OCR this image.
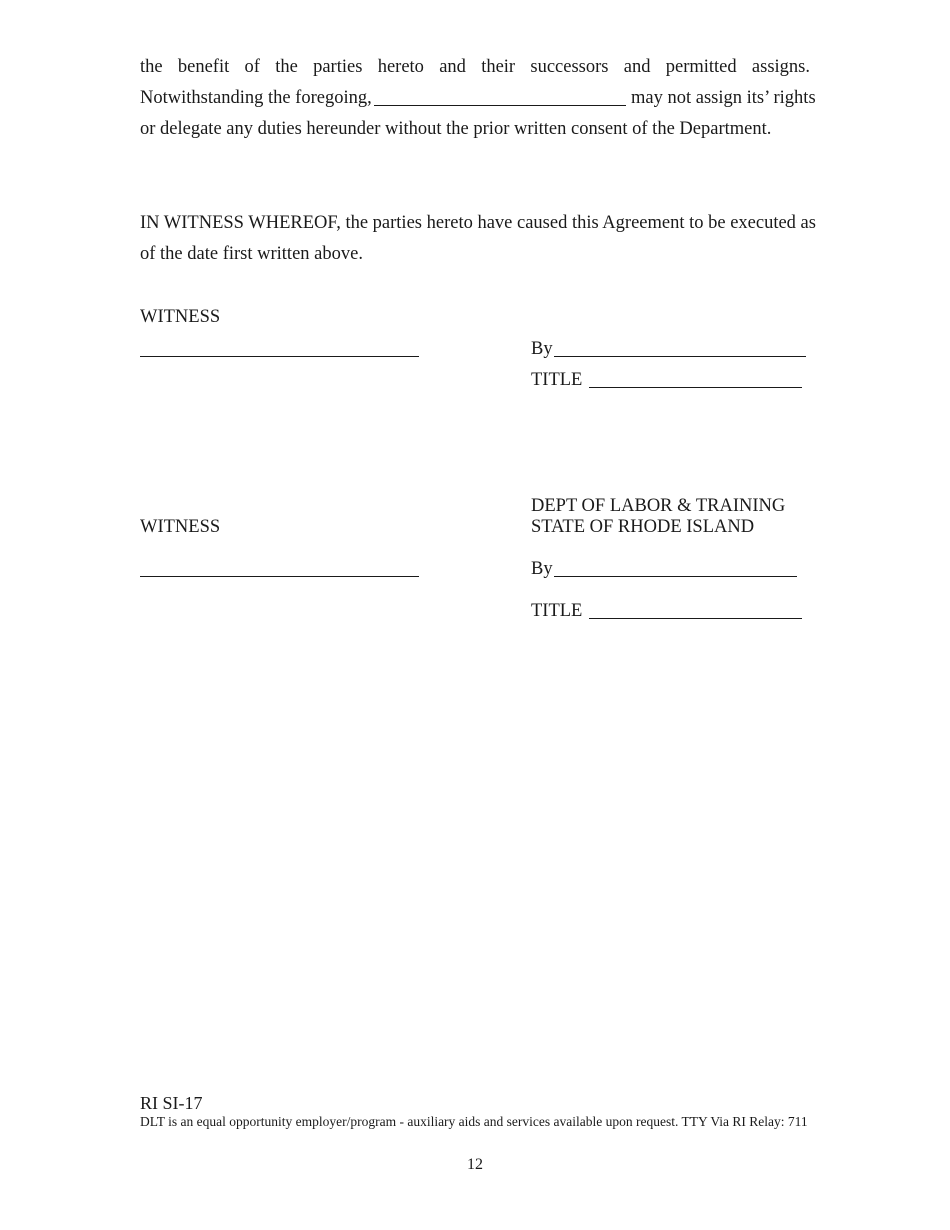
the benefit of the parties hereto and their successors and permitted assigns.
Notwithstanding the foregoing,	may not assign its’ rights
or delegate any duties hereunder without the prior written consent of the Department.
IN WITNESS WHEREOF, the parties hereto have caused this Agreement to be executed as
of the date first written above.
WITNESS
By
TITLE
DEPT OF LABOR & TRAINING
STATE OF RHODE ISLAND
WITNESS
By
TITLE
RI SI-17
DLT is an equal opportunity employer/program - auxiliary aids and services available upon request. TTY Via RI Relay: 711
12
